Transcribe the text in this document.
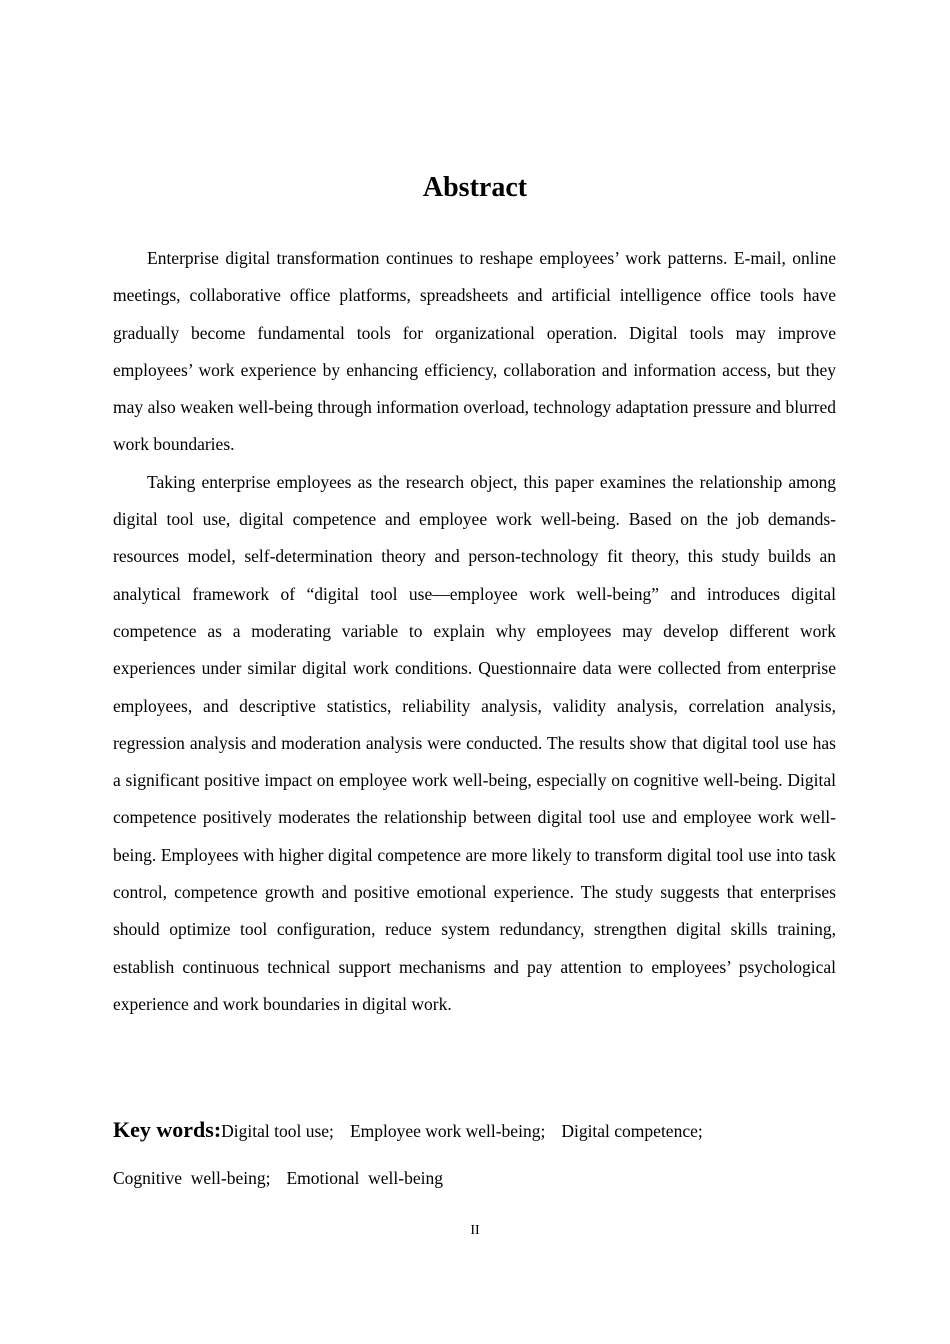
Abstract

Enterprise digital transformation continues to reshape employees’ work patterns. E-mail, online meetings, collaborative office platforms, spreadsheets and artificial intelligence office tools have gradually become fundamental tools for organizational operation. Digital tools may improve employees’ work experience by enhancing efficiency, collaboration and information access, but they may also weaken well-being through information overload, technology adaptation pressure and blurred work boundaries.

Taking enterprise employees as the research object, this paper examines the relationship among digital tool use, digital competence and employee work well-being. Based on the job demands-resources model, self-determination theory and person-technology fit theory, this study builds an analytical framework of “digital tool use—employee work well-being” and introduces digital competence as a moderating variable to explain why employees may develop different work experiences under similar digital work conditions. Questionnaire data were collected from enterprise employees, and descriptive statistics, reliability analysis, validity analysis, correlation analysis, regression analysis and moderation analysis were conducted. The results show that digital tool use has a significant positive impact on employee work well-being, especially on cognitive well-being. Digital competence positively moderates the relationship between digital tool use and employee work well-being. Employees with higher digital competence are more likely to transform digital tool use into task control, competence growth and positive emotional experience. The study suggests that enterprises should optimize tool configuration, reduce system redundancy, strengthen digital skills training, establish continuous technical support mechanisms and pay attention to employees’ psychological experience and work boundaries in digital work.

Key words:Digital tool use; Employee work well-being; Digital competence;
Cognitive  well-being; Emotional  well-being
II
